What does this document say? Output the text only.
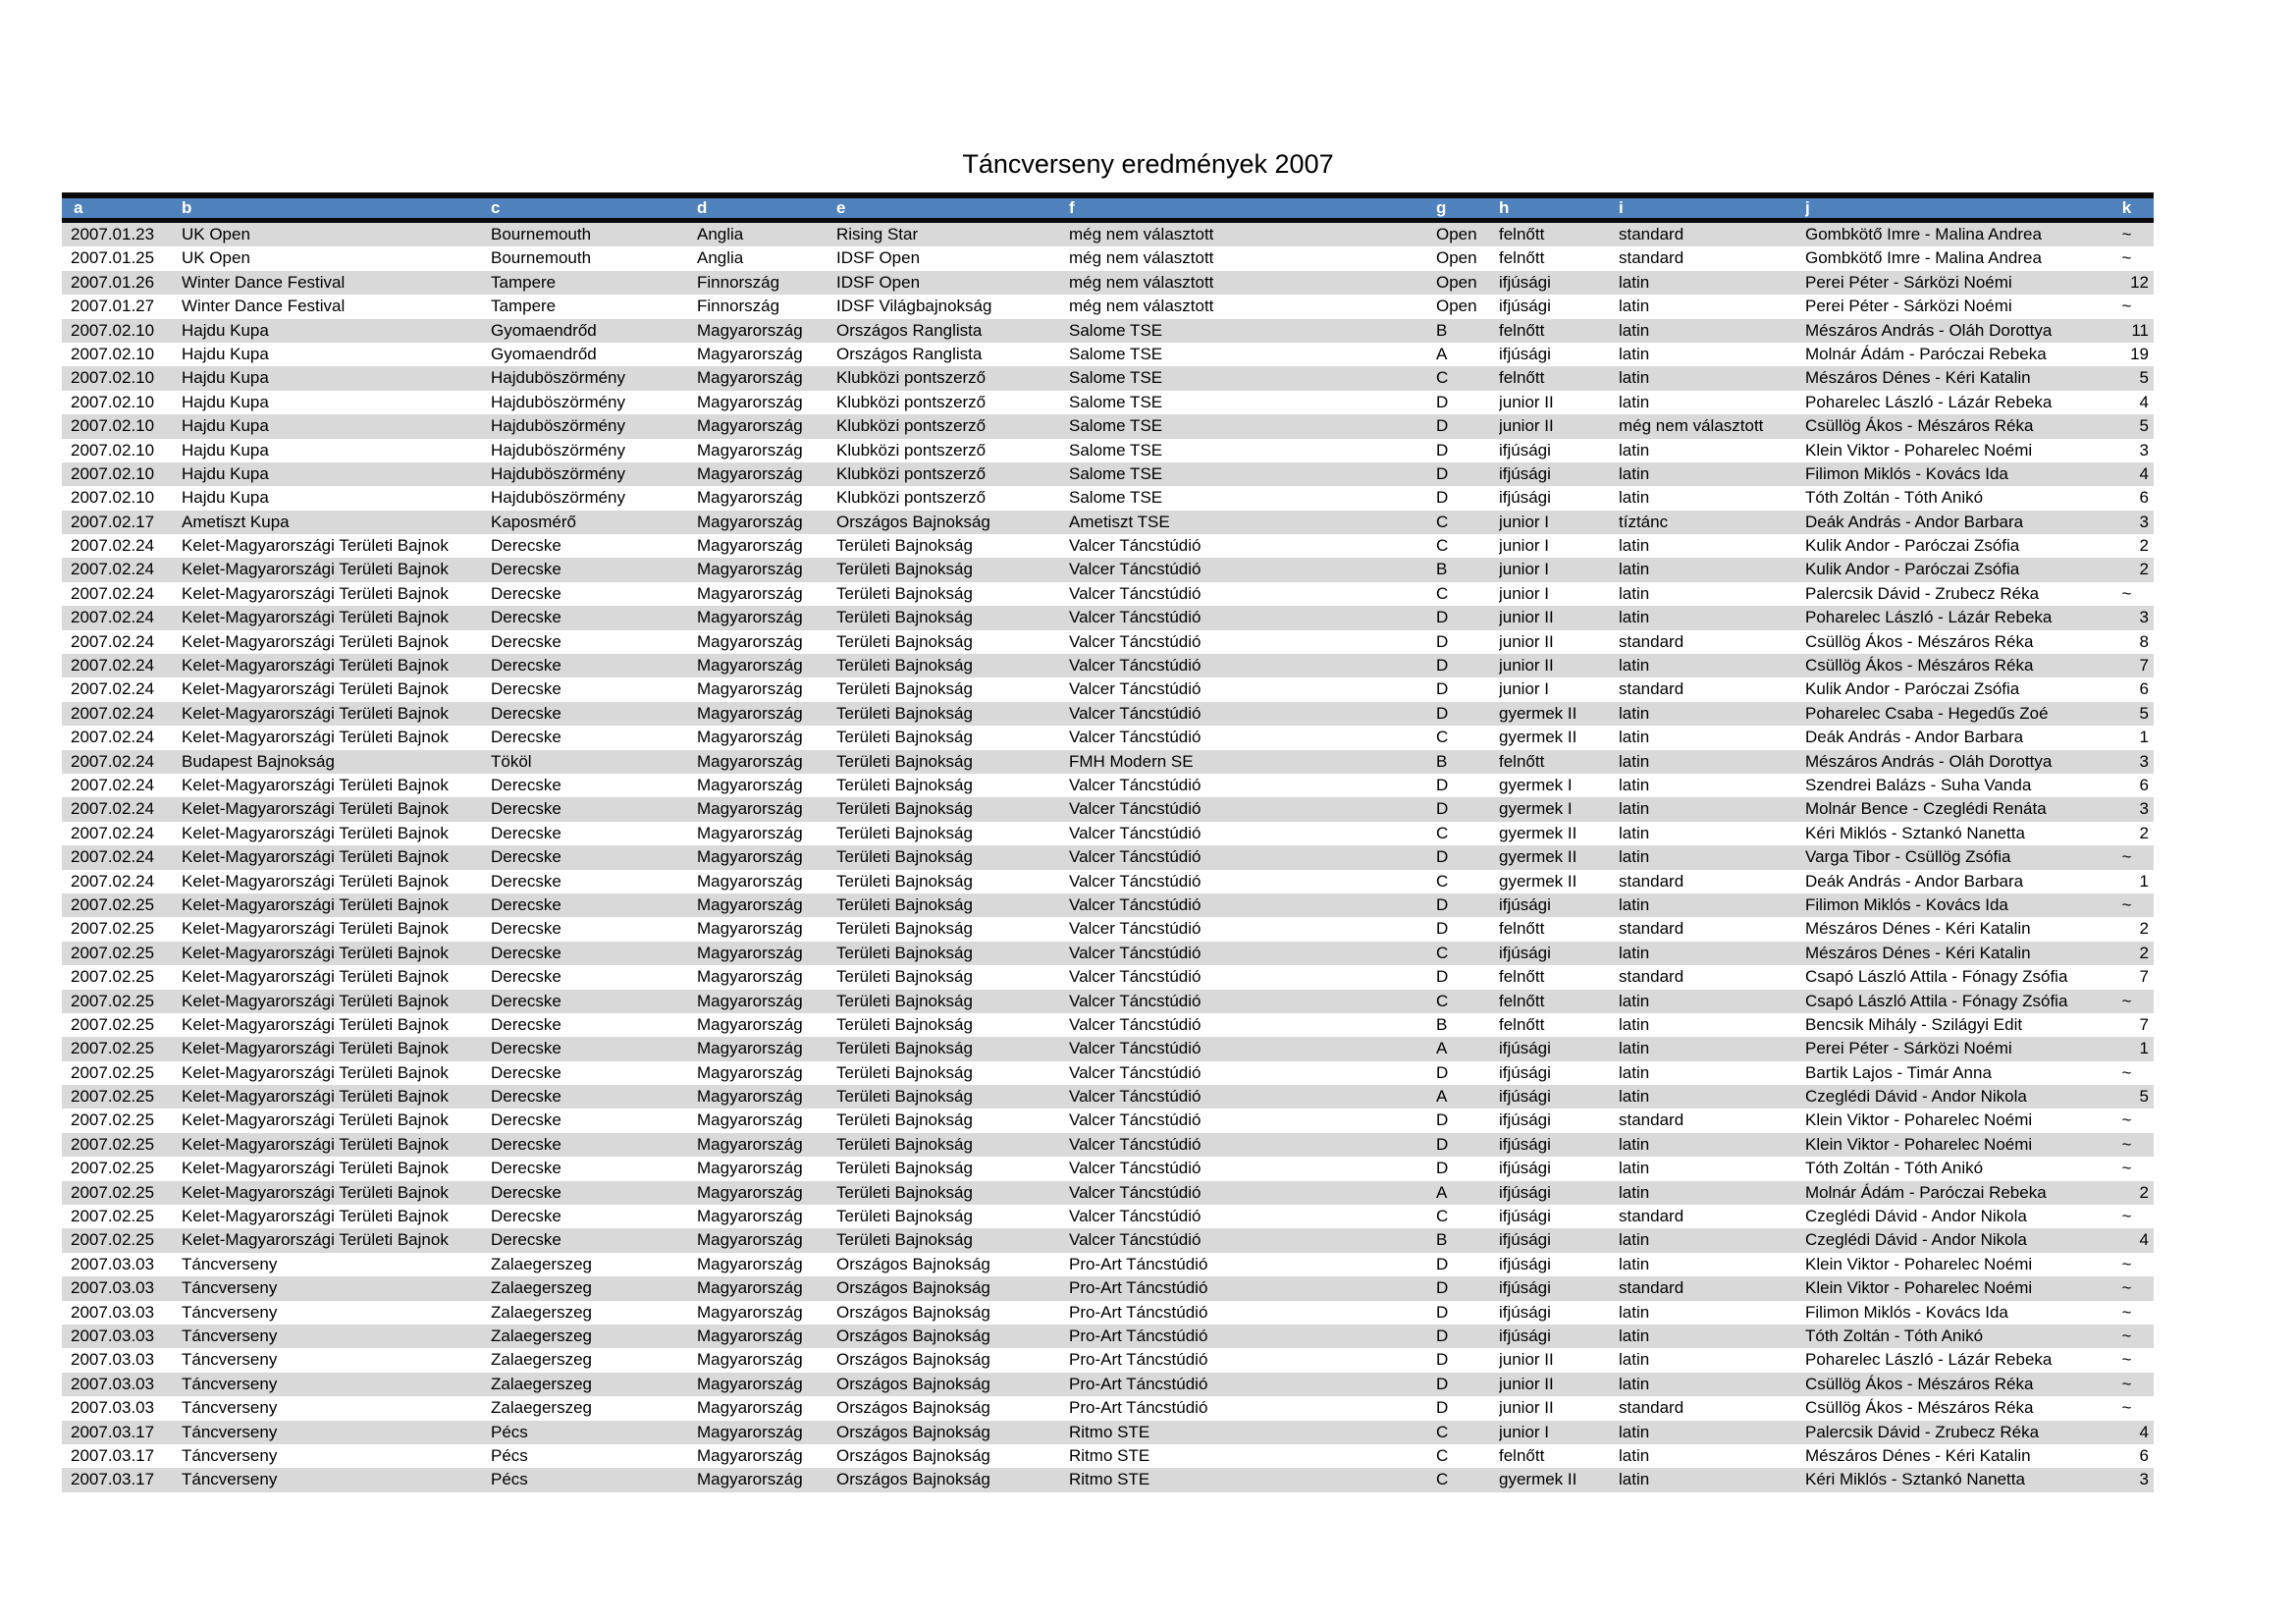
Táncverseny eredmények 2007
a	b	c	d	e	f	g	h	i	j	k
2007.01.23	UK Open	Bournemouth	Anglia	Rising Star	még nem választott	Open	felnőtt	standard	Gombkötő Imre - Malina Andrea	~
2007.01.25	UK Open	Bournemouth	Anglia	IDSF Open	még nem választott	Open	felnőtt	standard	Gombkötő Imre - Malina Andrea	~
2007.01.26	Winter Dance Festival	Tampere	Finnország	IDSF Open	még nem választott	Open	ifjúsági	latin	Perei Péter - Sárközi Noémi	12
2007.01.27	Winter Dance Festival	Tampere	Finnország	IDSF Világbajnokság	még nem választott	Open	ifjúsági	latin	Perei Péter - Sárközi Noémi	~
2007.02.10	Hajdu Kupa	Gyomaendrőd	Magyarország	Országos Ranglista	Salome TSE	B	felnőtt	latin	Mészáros András - Oláh Dorottya	11
2007.02.10	Hajdu Kupa	Gyomaendrőd	Magyarország	Országos Ranglista	Salome TSE	A	ifjúsági	latin	Molnár Ádám - Paróczai Rebeka	19
2007.02.10	Hajdu Kupa	Hajduböszörmény	Magyarország	Klubközi pontszerző	Salome TSE	C	felnőtt	latin	Mészáros Dénes - Kéri Katalin	5
2007.02.10	Hajdu Kupa	Hajduböszörmény	Magyarország	Klubközi pontszerző	Salome TSE	D	junior II	latin	Poharelec László - Lázár Rebeka	4
2007.02.10	Hajdu Kupa	Hajduböszörmény	Magyarország	Klubközi pontszerző	Salome TSE	D	junior II	még nem választott	Csüllög Ákos - Mészáros Réka	5
2007.02.10	Hajdu Kupa	Hajduböszörmény	Magyarország	Klubközi pontszerző	Salome TSE	D	ifjúsági	latin	Klein Viktor - Poharelec Noémi	3
2007.02.10	Hajdu Kupa	Hajduböszörmény	Magyarország	Klubközi pontszerző	Salome TSE	D	ifjúsági	latin	Filimon Miklós - Kovács Ida	4
2007.02.10	Hajdu Kupa	Hajduböszörmény	Magyarország	Klubközi pontszerző	Salome TSE	D	ifjúsági	latin	Tóth Zoltán - Tóth Anikó	6
2007.02.17	Ametiszt Kupa	Kaposmérő	Magyarország	Országos Bajnokság	Ametiszt TSE	C	junior I	tíztánc	Deák András - Andor Barbara	3
2007.02.24	Kelet-Magyarországi Területi Bajnok	Derecske	Magyarország	Területi Bajnokság	Valcer Táncstúdió	C	junior I	latin	Kulik Andor - Paróczai Zsófia	2
2007.02.24	Kelet-Magyarországi Területi Bajnok	Derecske	Magyarország	Területi Bajnokság	Valcer Táncstúdió	B	junior I	latin	Kulik Andor - Paróczai Zsófia	2
2007.02.24	Kelet-Magyarországi Területi Bajnok	Derecske	Magyarország	Területi Bajnokság	Valcer Táncstúdió	C	junior I	latin	Palercsik Dávid - Zrubecz Réka	~
2007.02.24	Kelet-Magyarországi Területi Bajnok	Derecske	Magyarország	Területi Bajnokság	Valcer Táncstúdió	D	junior II	latin	Poharelec László - Lázár Rebeka	3
2007.02.24	Kelet-Magyarországi Területi Bajnok	Derecske	Magyarország	Területi Bajnokság	Valcer Táncstúdió	D	junior II	standard	Csüllög Ákos - Mészáros Réka	8
2007.02.24	Kelet-Magyarországi Területi Bajnok	Derecske	Magyarország	Területi Bajnokság	Valcer Táncstúdió	D	junior II	latin	Csüllög Ákos - Mészáros Réka	7
2007.02.24	Kelet-Magyarországi Területi Bajnok	Derecske	Magyarország	Területi Bajnokság	Valcer Táncstúdió	D	junior I	standard	Kulik Andor - Paróczai Zsófia	6
2007.02.24	Kelet-Magyarországi Területi Bajnok	Derecske	Magyarország	Területi Bajnokság	Valcer Táncstúdió	D	gyermek II	latin	Poharelec Csaba - Hegedűs Zoé	5
2007.02.24	Kelet-Magyarországi Területi Bajnok	Derecske	Magyarország	Területi Bajnokság	Valcer Táncstúdió	C	gyermek II	latin	Deák András - Andor Barbara	1
2007.02.24	Budapest Bajnokság	Tököl	Magyarország	Területi Bajnokság	FMH Modern SE	B	felnőtt	latin	Mészáros András - Oláh Dorottya	3
2007.02.24	Kelet-Magyarországi Területi Bajnok	Derecske	Magyarország	Területi Bajnokság	Valcer Táncstúdió	D	gyermek I	latin	Szendrei Balázs - Suha Vanda	6
2007.02.24	Kelet-Magyarországi Területi Bajnok	Derecske	Magyarország	Területi Bajnokság	Valcer Táncstúdió	D	gyermek I	latin	Molnár Bence - Czeglédi Renáta	3
2007.02.24	Kelet-Magyarországi Területi Bajnok	Derecske	Magyarország	Területi Bajnokság	Valcer Táncstúdió	C	gyermek II	latin	Kéri Miklós - Sztankó Nanetta	2
2007.02.24	Kelet-Magyarországi Területi Bajnok	Derecske	Magyarország	Területi Bajnokság	Valcer Táncstúdió	D	gyermek II	latin	Varga Tibor - Csüllög Zsófia	~
2007.02.24	Kelet-Magyarországi Területi Bajnok	Derecske	Magyarország	Területi Bajnokság	Valcer Táncstúdió	C	gyermek II	standard	Deák András - Andor Barbara	1
2007.02.25	Kelet-Magyarországi Területi Bajnok	Derecske	Magyarország	Területi Bajnokság	Valcer Táncstúdió	D	ifjúsági	latin	Filimon Miklós - Kovács Ida	~
2007.02.25	Kelet-Magyarországi Területi Bajnok	Derecske	Magyarország	Területi Bajnokság	Valcer Táncstúdió	D	felnőtt	standard	Mészáros Dénes - Kéri Katalin	2
2007.02.25	Kelet-Magyarországi Területi Bajnok	Derecske	Magyarország	Területi Bajnokság	Valcer Táncstúdió	C	ifjúsági	latin	Mészáros Dénes - Kéri Katalin	2
2007.02.25	Kelet-Magyarországi Területi Bajnok	Derecske	Magyarország	Területi Bajnokság	Valcer Táncstúdió	D	felnőtt	standard	Csapó László Attila - Fónagy Zsófia	7
2007.02.25	Kelet-Magyarországi Területi Bajnok	Derecske	Magyarország	Területi Bajnokság	Valcer Táncstúdió	C	felnőtt	latin	Csapó László Attila - Fónagy Zsófia	~
2007.02.25	Kelet-Magyarországi Területi Bajnok	Derecske	Magyarország	Területi Bajnokság	Valcer Táncstúdió	B	felnőtt	latin	Bencsik Mihály - Szilágyi Edit	7
2007.02.25	Kelet-Magyarországi Területi Bajnok	Derecske	Magyarország	Területi Bajnokság	Valcer Táncstúdió	A	ifjúsági	latin	Perei Péter - Sárközi Noémi	1
2007.02.25	Kelet-Magyarországi Területi Bajnok	Derecske	Magyarország	Területi Bajnokság	Valcer Táncstúdió	D	ifjúsági	latin	Bartik Lajos - Timár Anna	~
2007.02.25	Kelet-Magyarországi Területi Bajnok	Derecske	Magyarország	Területi Bajnokság	Valcer Táncstúdió	A	ifjúsági	latin	Czeglédi Dávid - Andor Nikola	5
2007.02.25	Kelet-Magyarországi Területi Bajnok	Derecske	Magyarország	Területi Bajnokság	Valcer Táncstúdió	D	ifjúsági	standard	Klein Viktor - Poharelec Noémi	~
2007.02.25	Kelet-Magyarországi Területi Bajnok	Derecske	Magyarország	Területi Bajnokság	Valcer Táncstúdió	D	ifjúsági	latin	Klein Viktor - Poharelec Noémi	~
2007.02.25	Kelet-Magyarországi Területi Bajnok	Derecske	Magyarország	Területi Bajnokság	Valcer Táncstúdió	D	ifjúsági	latin	Tóth Zoltán - Tóth Anikó	~
2007.02.25	Kelet-Magyarországi Területi Bajnok	Derecske	Magyarország	Területi Bajnokság	Valcer Táncstúdió	A	ifjúsági	latin	Molnár Ádám - Paróczai Rebeka	2
2007.02.25	Kelet-Magyarországi Területi Bajnok	Derecske	Magyarország	Területi Bajnokság	Valcer Táncstúdió	C	ifjúsági	standard	Czeglédi Dávid - Andor Nikola	~
2007.02.25	Kelet-Magyarországi Területi Bajnok	Derecske	Magyarország	Területi Bajnokság	Valcer Táncstúdió	B	ifjúsági	latin	Czeglédi Dávid - Andor Nikola	4
2007.03.03	Táncverseny	Zalaegerszeg	Magyarország	Országos Bajnokság	Pro-Art Táncstúdió	D	ifjúsági	latin	Klein Viktor - Poharelec Noémi	~
2007.03.03	Táncverseny	Zalaegerszeg	Magyarország	Országos Bajnokság	Pro-Art Táncstúdió	D	ifjúsági	standard	Klein Viktor - Poharelec Noémi	~
2007.03.03	Táncverseny	Zalaegerszeg	Magyarország	Országos Bajnokság	Pro-Art Táncstúdió	D	ifjúsági	latin	Filimon Miklós - Kovács Ida	~
2007.03.03	Táncverseny	Zalaegerszeg	Magyarország	Országos Bajnokság	Pro-Art Táncstúdió	D	ifjúsági	latin	Tóth Zoltán - Tóth Anikó	~
2007.03.03	Táncverseny	Zalaegerszeg	Magyarország	Országos Bajnokság	Pro-Art Táncstúdió	D	junior II	latin	Poharelec László - Lázár Rebeka	~
2007.03.03	Táncverseny	Zalaegerszeg	Magyarország	Országos Bajnokság	Pro-Art Táncstúdió	D	junior II	latin	Csüllög Ákos - Mészáros Réka	~
2007.03.03	Táncverseny	Zalaegerszeg	Magyarország	Országos Bajnokság	Pro-Art Táncstúdió	D	junior II	standard	Csüllög Ákos - Mészáros Réka	~
2007.03.17	Táncverseny	Pécs	Magyarország	Országos Bajnokság	Ritmo STE	C	junior I	latin	Palercsik Dávid - Zrubecz Réka	4
2007.03.17	Táncverseny	Pécs	Magyarország	Országos Bajnokság	Ritmo STE	C	felnőtt	latin	Mészáros Dénes - Kéri Katalin	6
2007.03.17	Táncverseny	Pécs	Magyarország	Országos Bajnokság	Ritmo STE	C	gyermek II	latin	Kéri Miklós - Sztankó Nanetta	3
